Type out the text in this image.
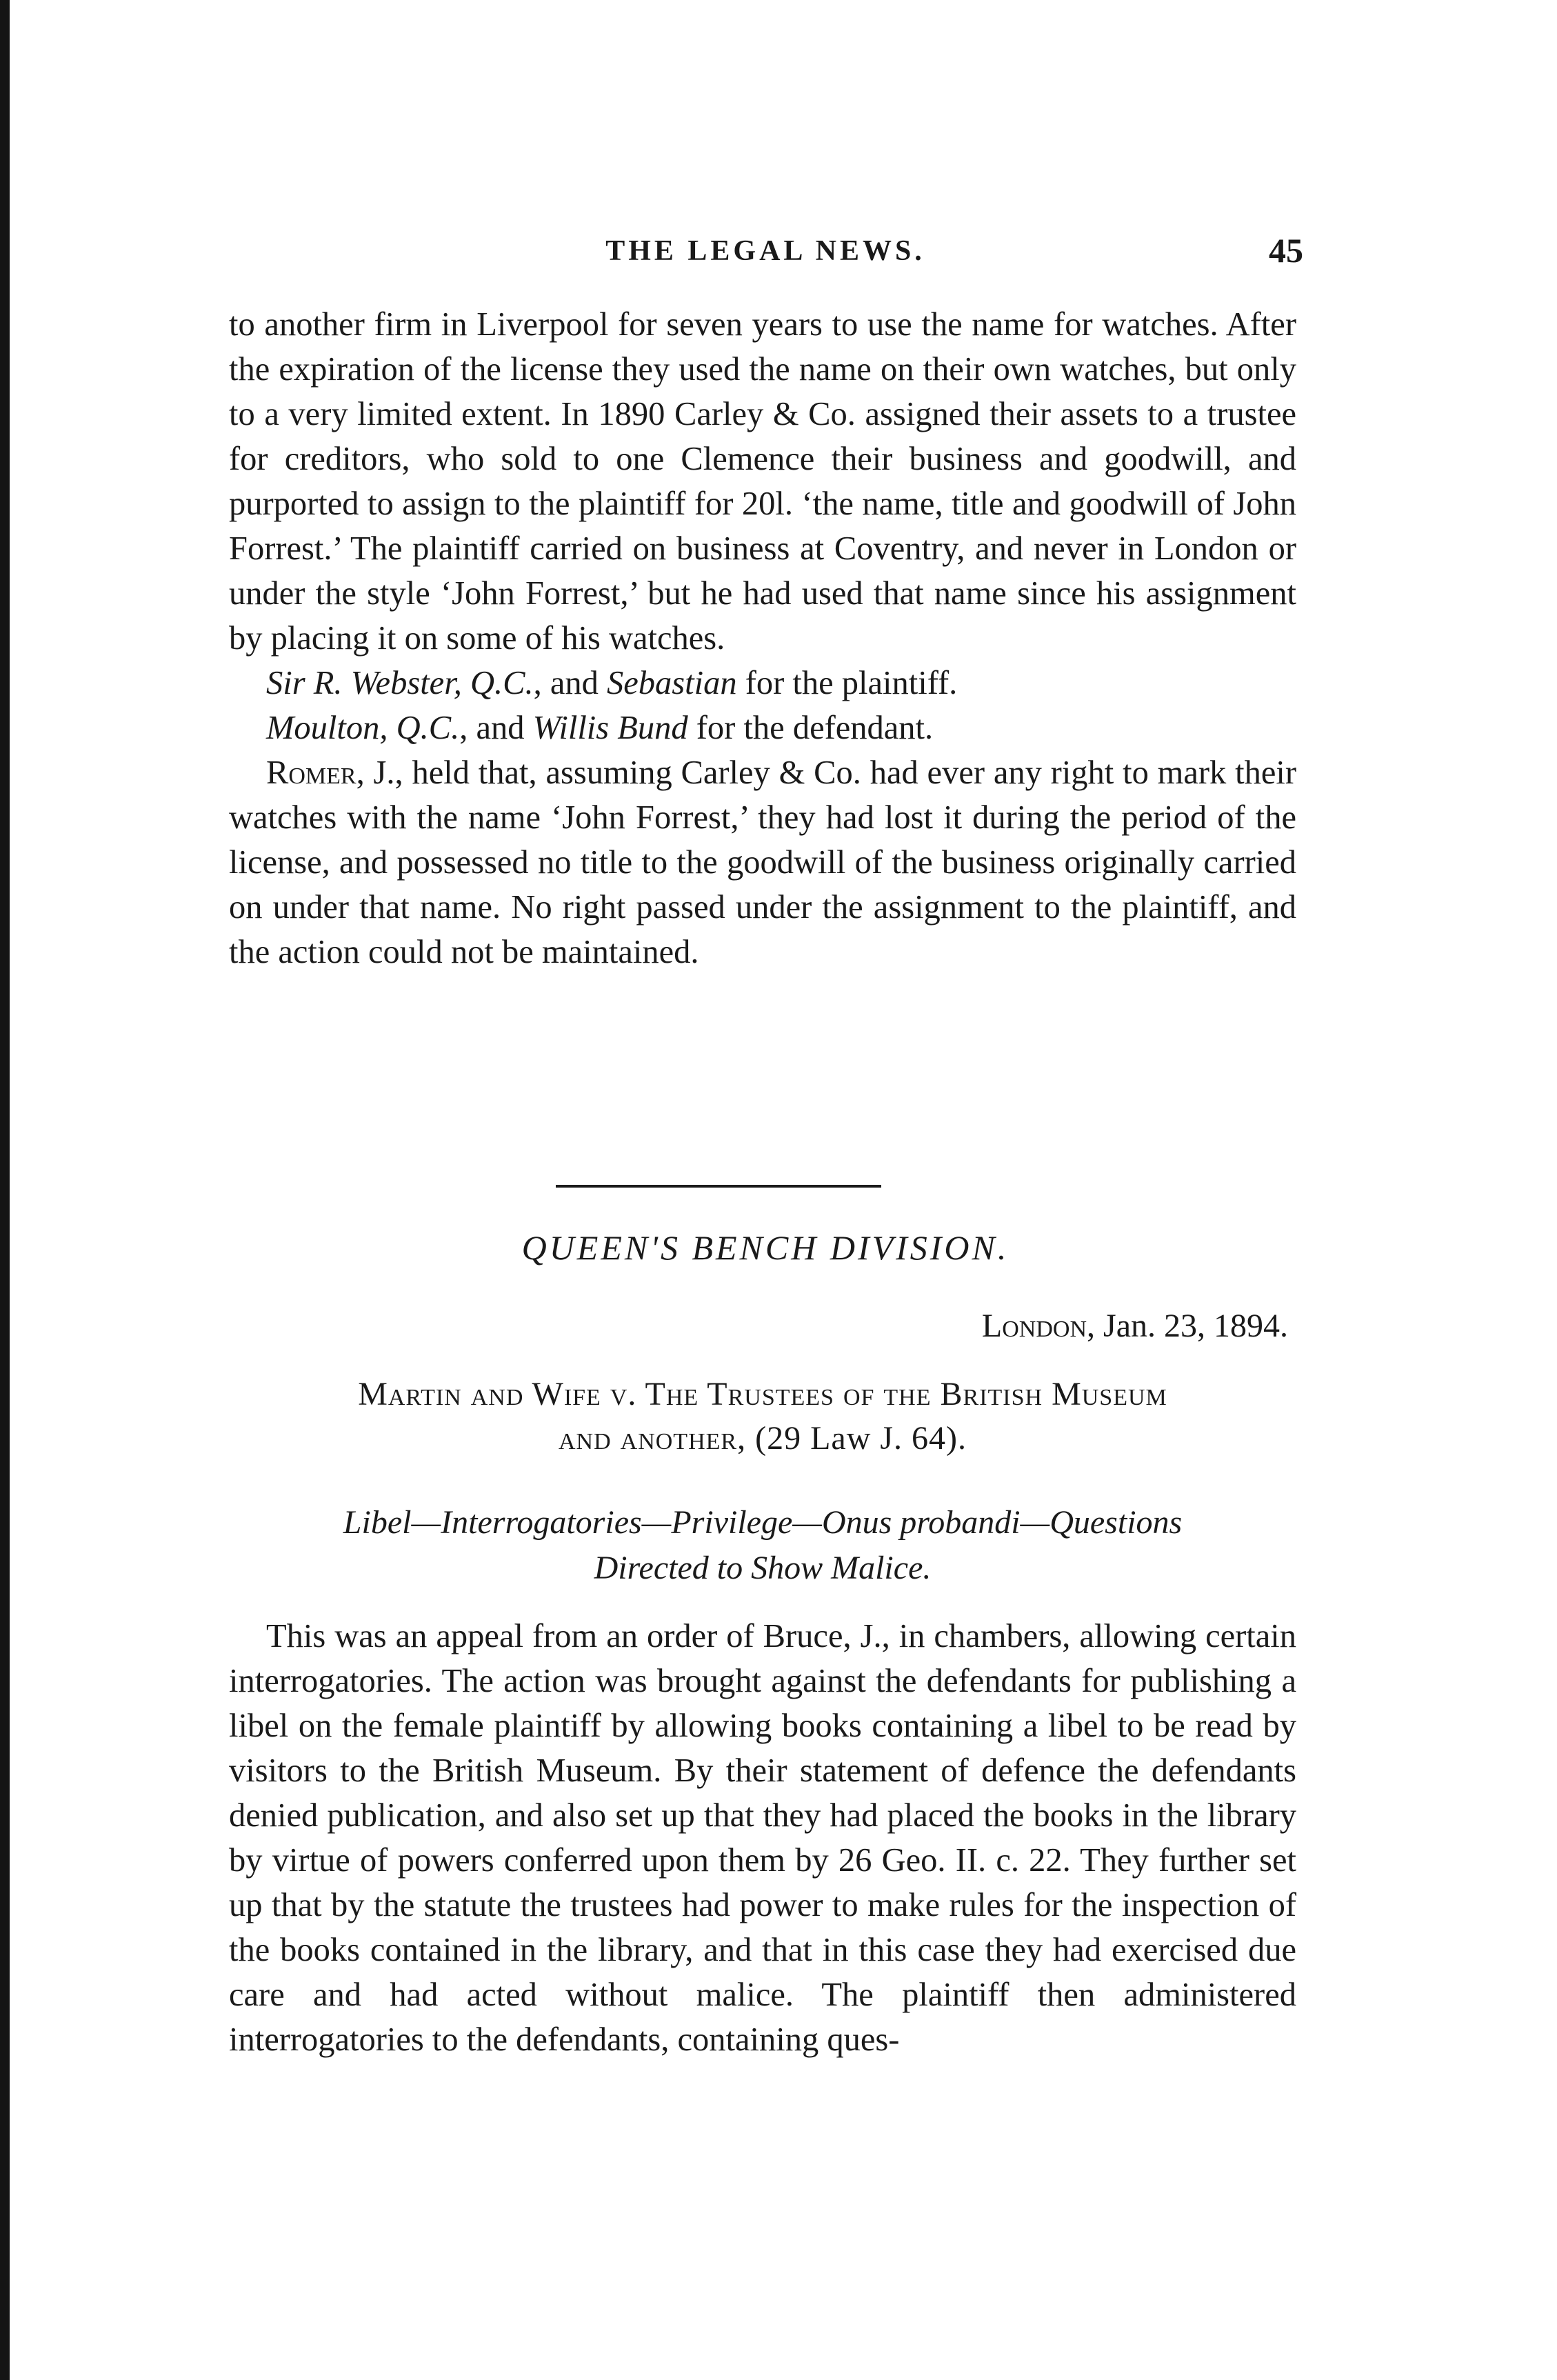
THE LEGAL NEWS.	45

to another firm in Liverpool for seven years to use the name for watches. After the expiration of the license they used the name on their own watches, but only to a very limited extent. In 1890 Carley & Co. assigned their assets to a trustee for creditors, who sold to one Clemence their business and goodwill, and purported to assign to the plaintiff for 20l. ‘the name, title and goodwill of John Forrest.’ The plaintiff carried on business at Coventry, and never in London or under the style ‘John Forrest,’ but he had used that name since his assignment by placing it on some of his watches.

Sir R. Webster, Q.C., and Sebastian for the plaintiff.

Moulton, Q.C., and Willis Bund for the defendant.

Romer, J., held that, assuming Carley & Co. had ever any right to mark their watches with the name ‘John Forrest,’ they had lost it during the period of the license, and possessed no title to the goodwill of the business originally carried on under that name. No right passed under the assignment to the plaintiff, and the action could not be maintained.

QUEEN'S BENCH DIVISION.
London, Jan. 23, 1894.
Martin and Wife v. The Trustees of the British Museum
and another, (29 Law J. 64).
Libel—Interrogatories—Privilege—Onus probandi—Questions
Directed to Show Malice.

This was an appeal from an order of Bruce, J., in chambers, allowing certain interrogatories. The action was brought against the defendants for publishing a libel on the female plaintiff by allowing books containing a libel to be read by visitors to the British Museum. By their statement of defence the defendants denied publication, and also set up that they had placed the books in the library by virtue of powers conferred upon them by 26 Geo. II. c. 22. They further set up that by the statute the trustees had power to make rules for the inspection of the books contained in the library, and that in this case they had exercised due care and had acted without malice. The plaintiff then administered interrogatories to the defendants, containing ques-
